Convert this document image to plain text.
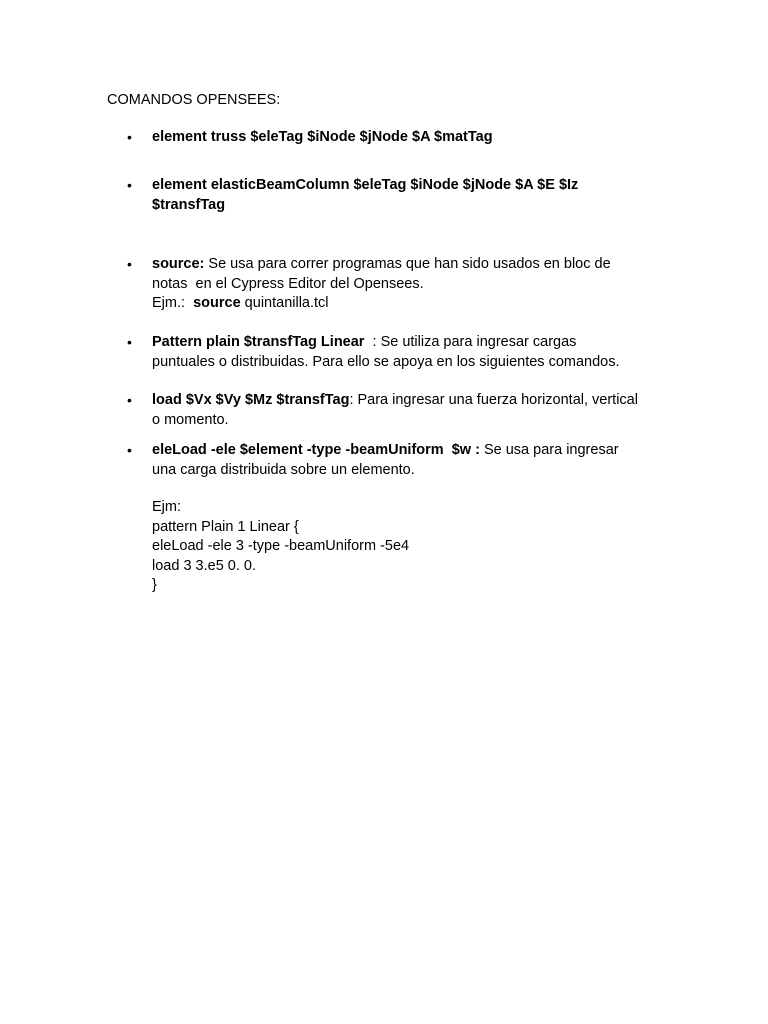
COMANDOS OPENSEES:
• element truss $eleTag $iNode $jNode $A $matTag
• element elasticBeamColumn $eleTag $iNode $jNode $A $E $Iz
$transfTag
• source: Se usa para correr programas que han sido usados en bloc de
notas  en el Cypress Editor del Opensees.
Ejm.:  source quintanilla.tcl
• Pattern plain $transfTag Linear  : Se utiliza para ingresar cargas
puntuales o distribuidas. Para ello se apoya en los siguientes comandos.
• load $Vx $Vy $Mz $transfTag: Para ingresar una fuerza horizontal, vertical
o momento.
• eleLoad -ele $element -type -beamUniform  $w : Se usa para ingresar
una carga distribuida sobre un elemento.
Ejm:
pattern Plain 1 Linear {
eleLoad -ele 3 -type -beamUniform -5e4
load 3 3.e5 0. 0.
}
